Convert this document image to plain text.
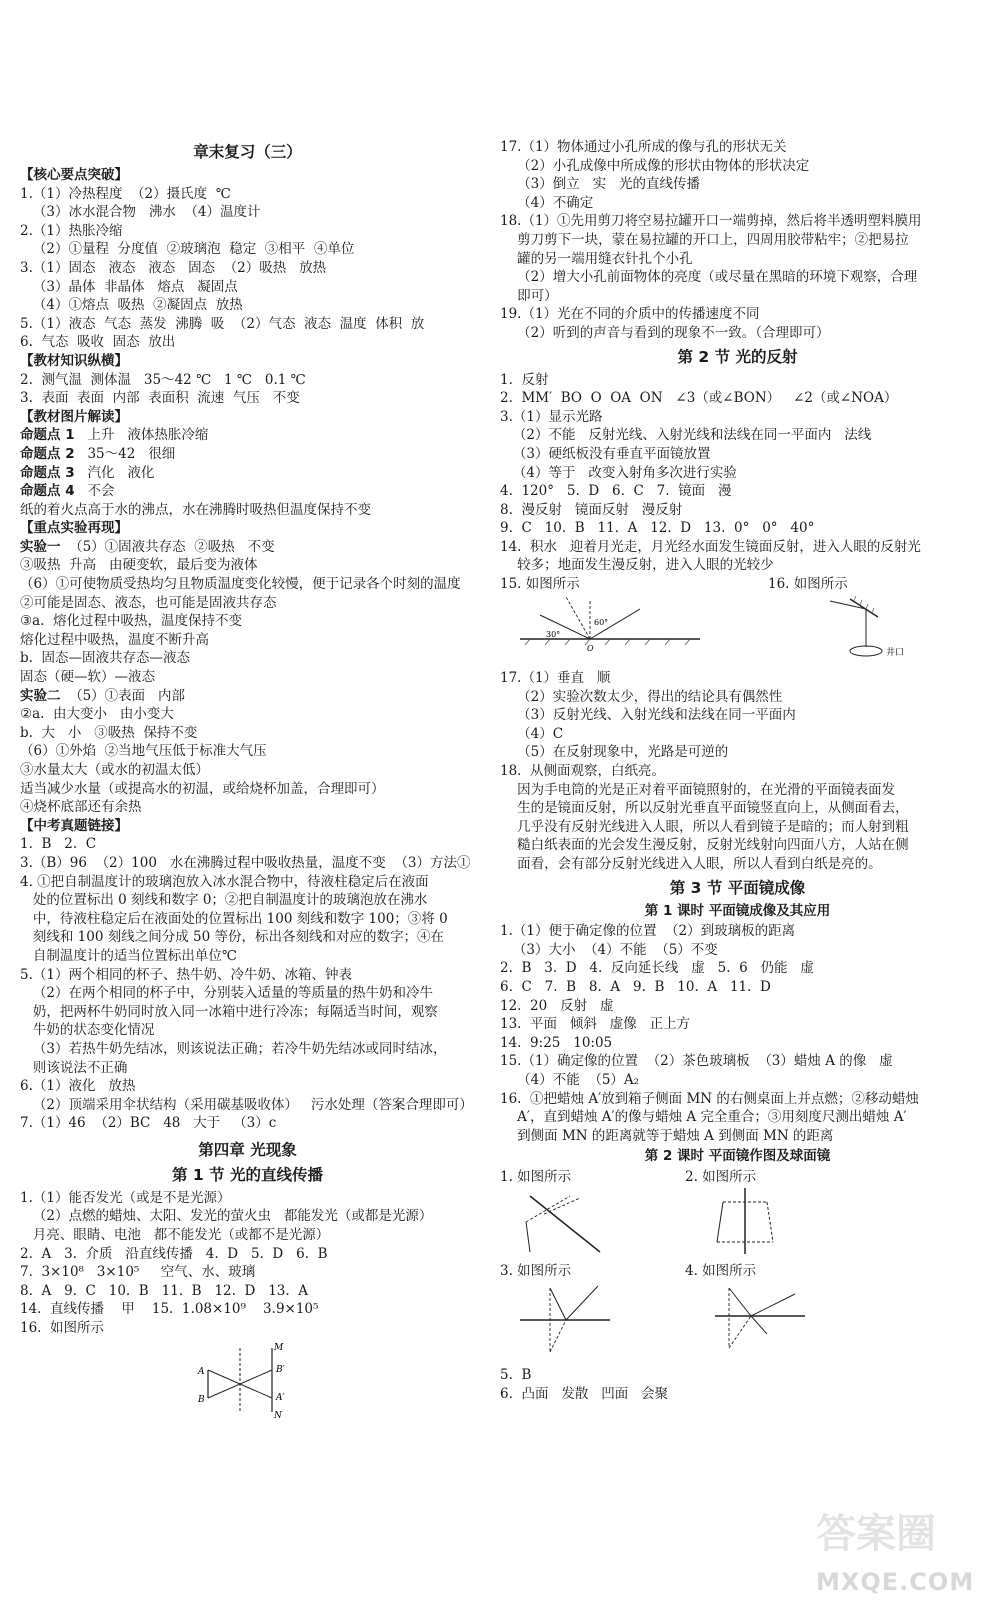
章末复习（三）
【核心要点突破】
1.（1）冷热程度  （2）摄氏度  ℃
（3）冰水混合物   沸水  （4）温度计
2.（1）热胀冷缩
（2）①量程  分度值  ②玻璃泡  稳定  ③相平  ④单位
3.（1）固态   液态   液态   固态  （2）吸热   放热
（3）晶体  非晶体   熔点   凝固点
（4）①熔点  吸热  ②凝固点  放热
5.（1）液态  气态  蒸发  沸腾  吸  （2）气态  液态  温度  体积  放
6.  气态  吸收  固态  放出
【教材知识纵横】
2.  测气温  测体温   35～42 ℃   1 ℃   0.1 ℃
3.  表面  表面  内部  表面积  流速  气压   不变
【教材图片解读】
命题点 1   上升   液体热胀冷缩
命题点 2   35～42   很细
命题点 3   汽化   液化
命题点 4   不会
纸的着火点高于水的沸点，水在沸腾时吸热但温度保持不变
【重点实验再现】
实验一  （5）①固液共存态  ②吸热   不变
③吸热  升高   由硬变软，最后变为液体
（6）①可使物质受热均匀且物质温度变化较慢，便于记录各个时刻的温度
②可能是固态、液态，也可能是固液共存态
③a.  熔化过程中吸热，温度保持不变
熔化过程中吸热，温度不断升高
b.  固态—固液共存态—液态
固态（硬—软）—液态
实验二  （5）①表面   内部
②a.  由大变小   由小变大
b.  大   小   ③吸热  保持不变
（6）①外焰  ②当地气压低于标准大气压
③水量太大（或水的初温太低）
适当减少水量（或提高水的初温，或给烧杯加盖，合理即可）
④烧杯底部还有余热
【中考真题链接】
1.  B   2.  C
3.（B）96  （2）100   水在沸腾过程中吸收热量，温度不变  （3）方法①
4. ①把自制温度计的玻璃泡放入冰水混合物中，待液柱稳定后在液面
处的位置标出 0 刻线和数字 0；②把自制温度计的玻璃泡放在沸水
中，待液柱稳定后在液面处的位置标出 100 刻线和数字 100；③将 0
刻线和 100 刻线之间分成 50 等份，标出各刻线和对应的数字；④在
自制温度计的适当位置标出单位℃
5.（1）两个相同的杯子、热牛奶、冷牛奶、冰箱、钟表
（2）在两个相同的杯子中，分别装入适量的等质量的热牛奶和冷牛
奶，把两杯牛奶同时放入同一冰箱中进行冷冻；每隔适当时间，观察
牛奶的状态变化情况
（3）若热牛奶先结冰，则该说法正确；若冷牛奶先结冰或同时结冰，
则该说法不正确
6.（1）液化   放热
（2）顶端采用伞状结构（采用碳基吸收体）   污水处理（答案合理即可）
7.（1）46  （2）BC   48   大于   （3）c
第四章 光现象
第 1 节 光的直线传播
1.（1）能否发光（或是不是光源）
（2）点燃的蜡烛、太阳、发光的萤火虫   都能发光（或都是光源）
月亮、眼睛、电池   都不能发光（或都不是光源）
2.  A   3.  介质   沿直线传播   4.  D   5.  D   6.  B
7.  3×10⁸   3×10⁵     空气、水、玻璃
8.  A   9.  C   10.  B   11.  B   12.  D   13.  A
14.  直线传播    甲    15.  1.08×10⁹    3.9×10⁵
16.  如图所示
A
B
M
N
B′
A′
17.（1）物体通过小孔所成的像与孔的形状无关
（2）小孔成像中所成像的形状由物体的形状决定
（3）倒立   实   光的直线传播
（4）不确定
18.（1）①先用剪刀将空易拉罐开口一端剪掉，然后将半透明塑料膜用
剪刀剪下一块，蒙在易拉罐的开口上，四周用胶带粘牢；②把易拉
罐的另一端用缝衣针扎个小孔
（2）增大小孔前面物体的亮度（或尽量在黑暗的环境下观察，合理
即可）
19.（1）光在不同的介质中的传播速度不同
（2）听到的声音与看到的现象不一致。（合理即可）
第 2 节 光的反射
1.  反射
2.  MM′  BO  O  OA  ON   ∠3（或∠BON）   ∠2（或∠NOA）
3.（1）显示光路
（2）不能   反射光线、入射光线和法线在同一平面内   法线
（3）硬纸板没有垂直平面镜放置
（4）等于   改变入射角多次进行实验
4.  120°   5.  D   6.  C   7.  镜面   漫
8.  漫反射   镜面反射   漫反射
9.  C   10.  B   11.  A   12.  D   13.  0°   0°   40°
14.  积水   迎着月光走，月光经水面发生镜面反射，进入人眼的反射光
较多；地面发生漫反射，进入人眼的光较少
15. 如图所示	16. 如图所示
60°
30°
O	井口
17.（1）垂直   顺
（2）实验次数太少，得出的结论具有偶然性
（3）反射光线、入射光线和法线在同一平面内
（4）C
（5）在反射现象中，光路是可逆的
18.  从侧面观察，白纸亮。
因为手电筒的光是正对着平面镜照射的，在光滑的平面镜表面发
生的是镜面反射，所以反射光垂直平面镜竖直向上，从侧面看去，
几乎没有反射光线进入人眼，所以人看到镜子是暗的；而人射到粗
糙白纸表面的光会发生漫反射，反射光线射向四面八方，人站在侧
面看，会有部分反射光线进入人眼，所以人看到白纸是亮的。
第 3 节 平面镜成像
第 1 课时 平面镜成像及其应用
1.（1）便于确定像的位置  （2）到玻璃板的距离
（3）大小  （4）不能  （5）不变
2.  B   3.  D   4.  反向延长线   虚   5.  6   仍能   虚
6.  C   7.  B   8.  A   9.  B   10.  A   11.  D
12.  20   反射   虚
13.  平面   倾斜   虚像   正上方
14.  9:25   10:05
15.（1）确定像的位置  （2）茶色玻璃板  （3）蜡烛 A 的像   虚
（4）不能  （5）A₂
16.  ①把蜡烛 A′放到箱子侧面 MN 的右侧桌面上并点燃；②移动蜡烛
A′，直到蜡烛 A′的像与蜡烛 A 完全重合；③用刻度尺测出蜡烛 A′
到侧面 MN 的距离就等于蜡烛 A 到侧面 MN 的距离
第 2 课时 平面镜作图及球面镜
1. 如图所示	2. 如图所示
3. 如图所示	4. 如图所示
5.  B
6.  凸面   发散   凹面   会聚
答案圈
MXQE.COM
